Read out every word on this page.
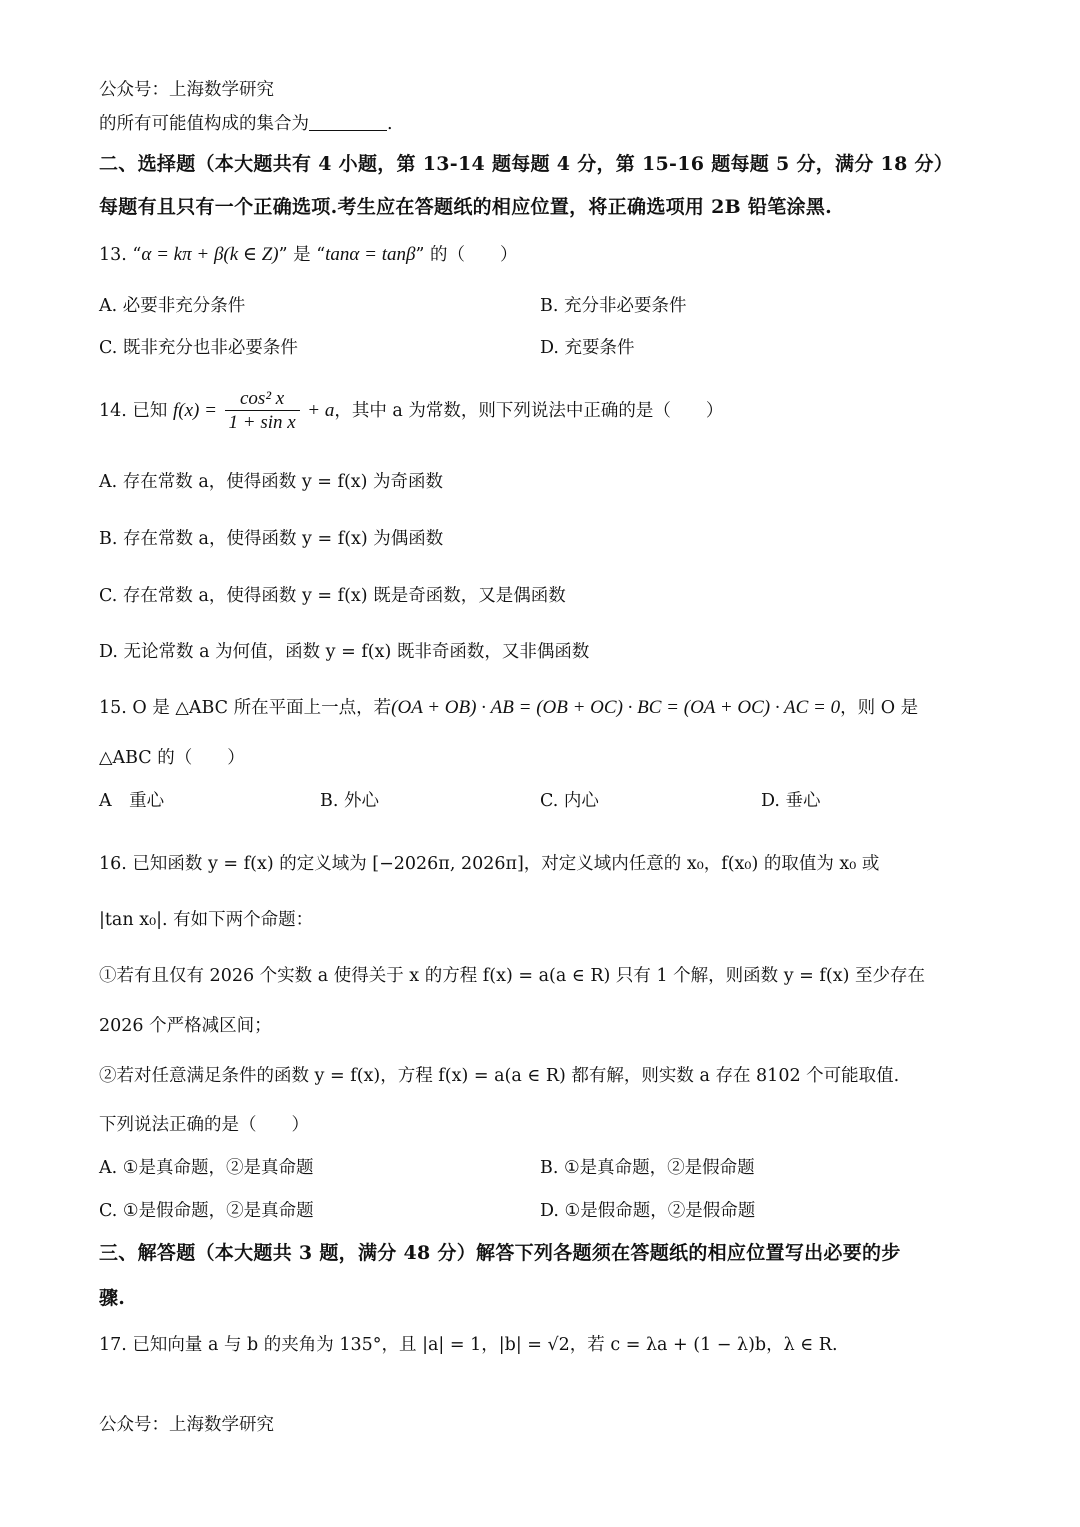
公众号：上海数学研究
的所有可能值构成的集合为	.
二、选择题（本大题共有 4 小题，第 13-14 题每题 4 分，第 15-16 题每题 5 分，满分 18 分）
每题有且只有一个正确选项.考生应在答题纸的相应位置，将正确选项用 2B 铅笔涂黑.
13. “α = kπ + β(k ∈ Z)” 是 “tanα = tanβ” 的（　　）
A. 必要非充分条件	B. 充分非必要条件
C. 既非充分也非必要条件	D. 充要条件
14. 已知 $f(x) = \frac{\text{cos² x}}{\text{1 + sin x}} + a$，其中 a 为常数，则下列说法中正确的是（　　）
A. 存在常数 a，使得函数 y = f(x) 为奇函数
B. 存在常数 a，使得函数 y = f(x) 为偶函数
C. 存在常数 a，使得函数 y = f(x) 既是奇函数，又是偶函数
D. 无论常数 a 为何值，函数 y = f(x) 既非奇函数，又非偶函数
15. O 是 △ABC 所在平面上一点，若(OA + OB) · AB = (OB + OC) · BC = (OA + OC) · AC = 0，则 O 是
△ABC 的（　　）
A　重心	B. 外心	C. 内心	D. 垂心
16. 已知函数 y = f(x) 的定义域为 [−2026π, 2026π]，对定义域内任意的 x₀，f(x₀) 的取值为 x₀ 或
|tan x₀|. 有如下两个命题：
①若有且仅有 2026 个实数 a 使得关于 x 的方程 f(x) = a(a ∈ R) 只有 1 个解，则函数 y = f(x) 至少存在
2026 个严格减区间；
②若对任意满足条件的函数 y = f(x)，方程 f(x) = a(a ∈ R) 都有解，则实数 a 存在 8102 个可能取值.
下列说法正确的是（　　）
A. ①是真命题，②是真命题	B. ①是真命题，②是假命题
C. ①是假命题，②是真命题	D. ①是假命题，②是假命题
三、解答题（本大题共 3 题，满分 48 分）解答下列各题须在答题纸的相应位置写出必要的步
骤.
17. 已知向量 a 与 b 的夹角为 135°，且 |a| = 1，|b| = √2，若 c = λa + (1 − λ)b，λ ∈ R.
公众号：上海数学研究
